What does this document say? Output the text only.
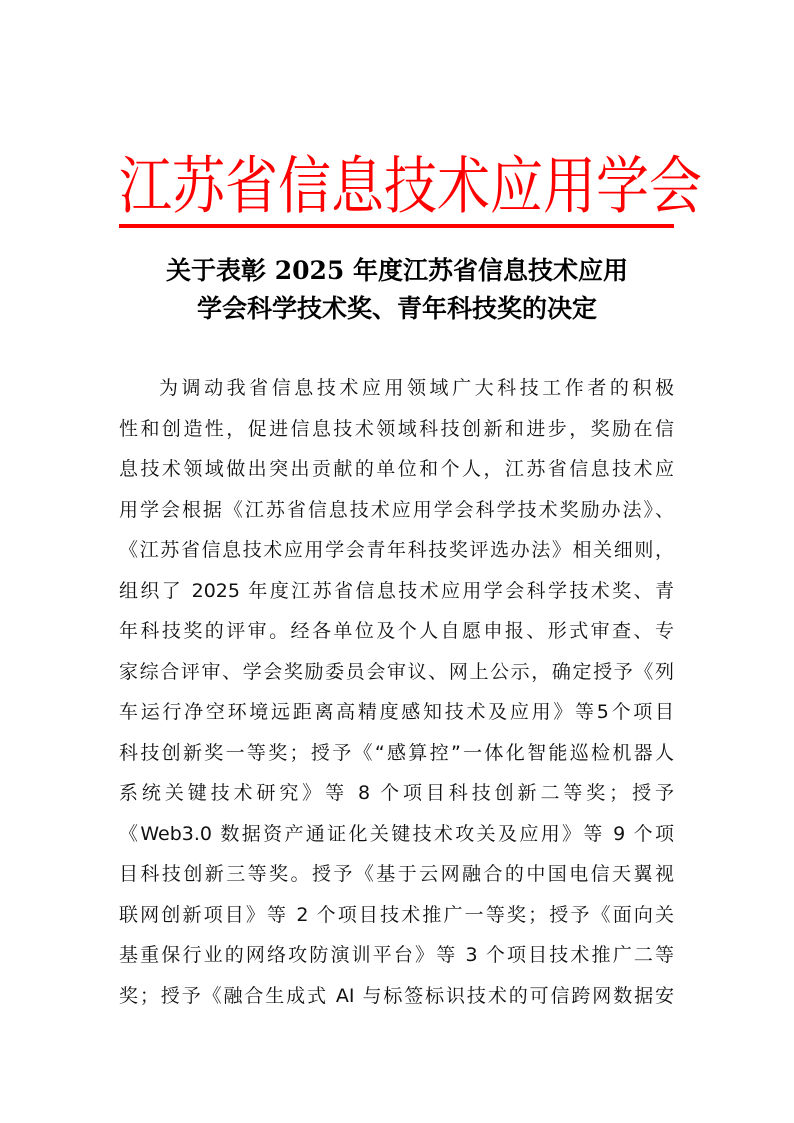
江苏省信息技术应用学会
关于表彰 2025 年度江苏省信息技术应用
学会科学技术奖、青年科技奖的决定
为调动我省信息技术应用领域广大科技工作者的积极
性和创造性，促进信息技术领域科技创新和进步，奖励在信
息技术领域做出突出贡献的单位和个人，江苏省信息技术应
用学会根据《江苏省信息技术应用学会科学技术奖励办法》、
《江苏省信息技术应用学会青年科技奖评选办法》相关细则，
组织了 2025 年度江苏省信息技术应用学会科学技术奖、青
年科技奖的评审。经各单位及个人自愿申报、形式审查、专
家综合评审、学会奖励委员会审议、网上公示，确定授予《列
车运行净空环境远距离高精度感知技术及应用》等5个项目
科技创新奖一等奖；授予《“感算控”一体化智能巡检机器人
系统关键技术研究》等 8 个项目科技创新二等奖；授予
《Web3.0 数据资产通证化关键技术攻关及应用》等 9 个项
目科技创新三等奖。授予《基于云网融合的中国电信天翼视
联网创新项目》等 2 个项目技术推广一等奖；授予《面向关
基重保行业的网络攻防演训平台》等 3 个项目技术推广二等
奖；授予《融合生成式 AI 与标签标识技术的可信跨网数据安
